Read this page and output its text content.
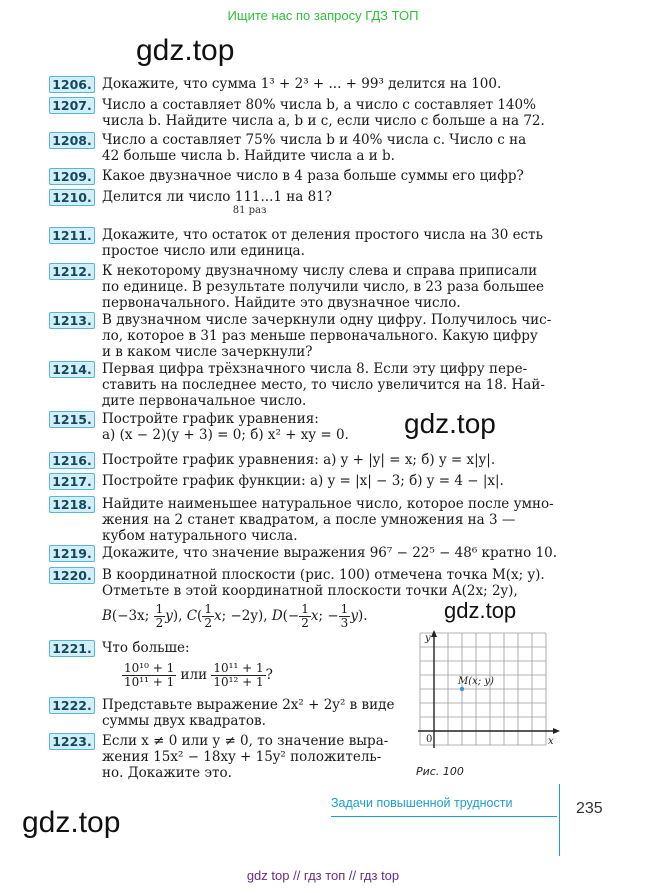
Ищите нас по запросу ГДЗ ТОП
gdz.top
gdz.top
gdz.top
gdz.top
1206. Докажите, что сумма 1³ + 2³ + ... + 99³ делится на 100.
1207. Число a составляет 80% числа b, а число c составляет 140%
числа b. Найдите числа a, b и c, если число c больше a на 72.
1208. Число a составляет 75% числа b и 40% числа c. Число c на
42 больше числа b. Найдите числа a и b.
1209. Какое двузначное число в 4 раза больше суммы его цифр?
1210. Делится ли число 111...1
81 раз
на 81?
1211. Докажите, что остаток от деления простого числа на 30 есть
простое число или единица.
1212. К некоторому двузначному числу слева и справа приписали
по единице. В результате получили число, в 23 раза большее
первоначального. Найдите это двузначное число.
1213. В двузначном числе зачеркнули одну цифру. Получилось чис-
ло, которое в 31 раз меньше первоначального. Какую цифру
и в каком числе зачеркнули?
1214. Первая цифра трёхзначного числа 8. Если эту цифру пере-
ставить на последнее место, то число увеличится на 18. Най-
дите первоначальное число.
1215. Постройте график уравнения:
а) (x − 2)(y + 3) = 0; б) x² + xy = 0.
1216. Постройте график уравнения: а) y + |y| = x; б) y = x|y|.
1217. Постройте график функции: а) y = |x| − 3; б) y = 4 − |x|.
1218. Найдите наименьшее натуральное число, которое после умно-
жения на 2 станет квадратом, а после умножения на 3 —
кубом натурального числа.
1219. Докажите, что значение выражения 96⁷ − 22⁵ − 48⁶ кратно 10.
1220. В координатной плоскости (рис. 100) отмечена точка M(x; y).
Отметьте в этой координатной плоскости точки A(2x; 2y),
B(−3x; $\frac{1}{2} y$), $C( \frac{1}{2} x$; −2y), $D(- \frac{1}{2} x$; − $\frac{1}{3} y$).
1221. Что больше:
$\frac{\text{10¹⁰ + 1}}{\text{10¹¹ + 1}}$ или $\frac{\text{10¹¹ + 1}}{\text{10¹² + 1}}$ ?
1222. Представьте выражение 2x² + 2y² в виде
суммы двух квадратов.
1223. Если x ≠ 0 или y ≠ 0, то значение выра-
жения 15x² − 18xy + 15y² положитель-
но. Докажите это.
y
x
0
M(x; y)
Рис. 100
Задачи повышенной трудности	235
gdz top // гдз топ // гдз top
